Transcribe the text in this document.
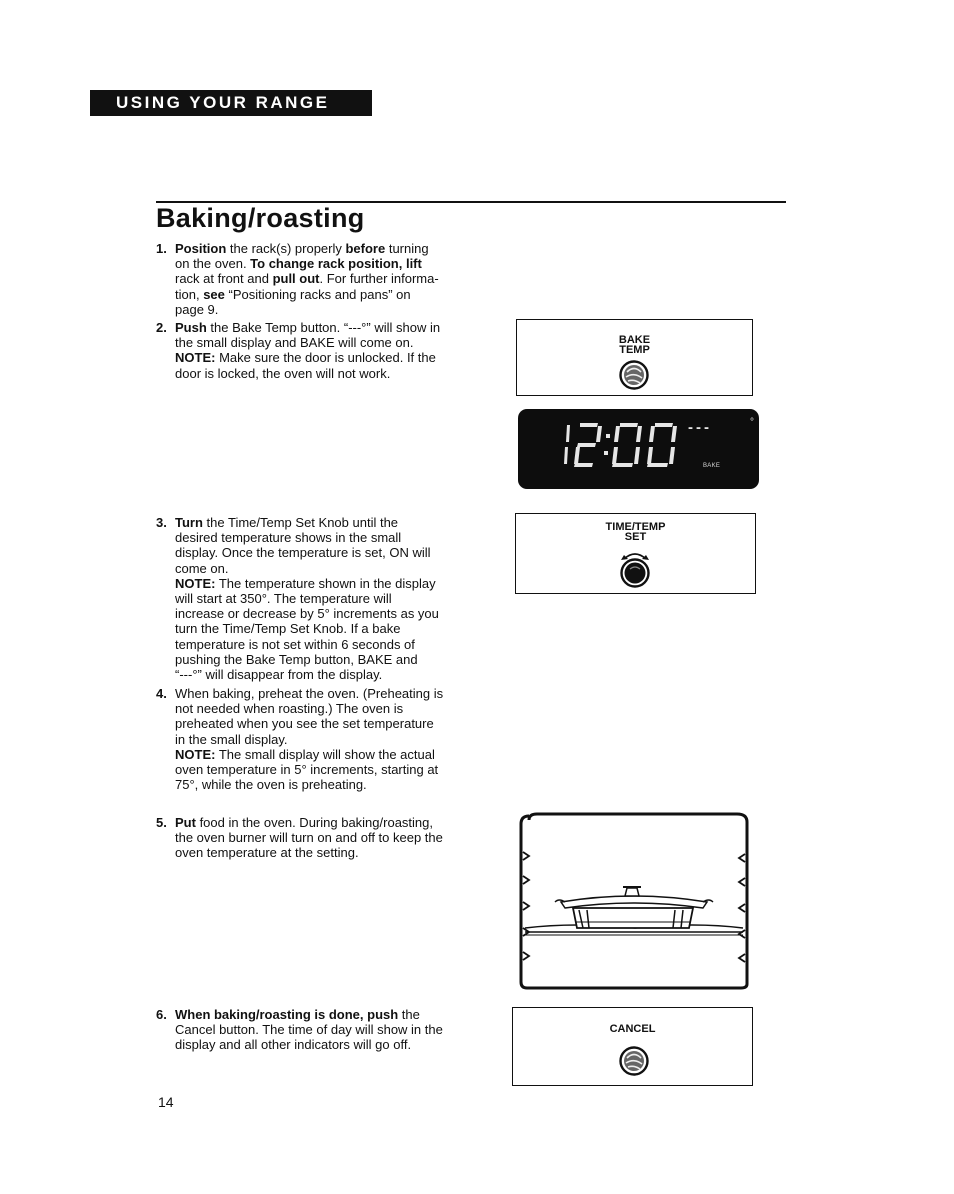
USING YOUR RANGE
Baking/roasting
1. Position the rack(s) properly before turning
on the oven. To change rack position, lift
rack at front and pull out. For further informa-
tion, see “Positioning racks and pans” on
page 9.
2. Push the Bake Temp button. “---°” will show in
the small display and BAKE will come on.
NOTE: Make sure the door is unlocked. If the
door is locked, the oven will not work.
3. Turn the Time/Temp Set Knob until the
desired temperature shows in the small
display. Once the temperature is set, ON will
come on.
NOTE: The temperature shown in the display
will start at 350°. The temperature will
increase or decrease by 5° increments as you
turn the Time/Temp Set Knob. If a bake
temperature is not set within 6 seconds of
pushing the Bake Temp button, BAKE and
“---°” will disappear from the display.
4. When baking, preheat the oven. (Preheating is
not needed when roasting.) The oven is
preheated when you see the set temperature
in the small display.
NOTE: The small display will show the actual
oven temperature in 5° increments, starting at
75°, while the oven is preheating.
5. Put food in the oven. During baking/roasting,
the oven burner will turn on and off to keep the
oven temperature at the setting.
6. When baking/roasting is done, push the
Cancel button. The time of day will show in the
display and all other indicators will go off.
BAKE
TEMP
---	°
BAKE
TIME/TEMP
SET
CANCEL
14
